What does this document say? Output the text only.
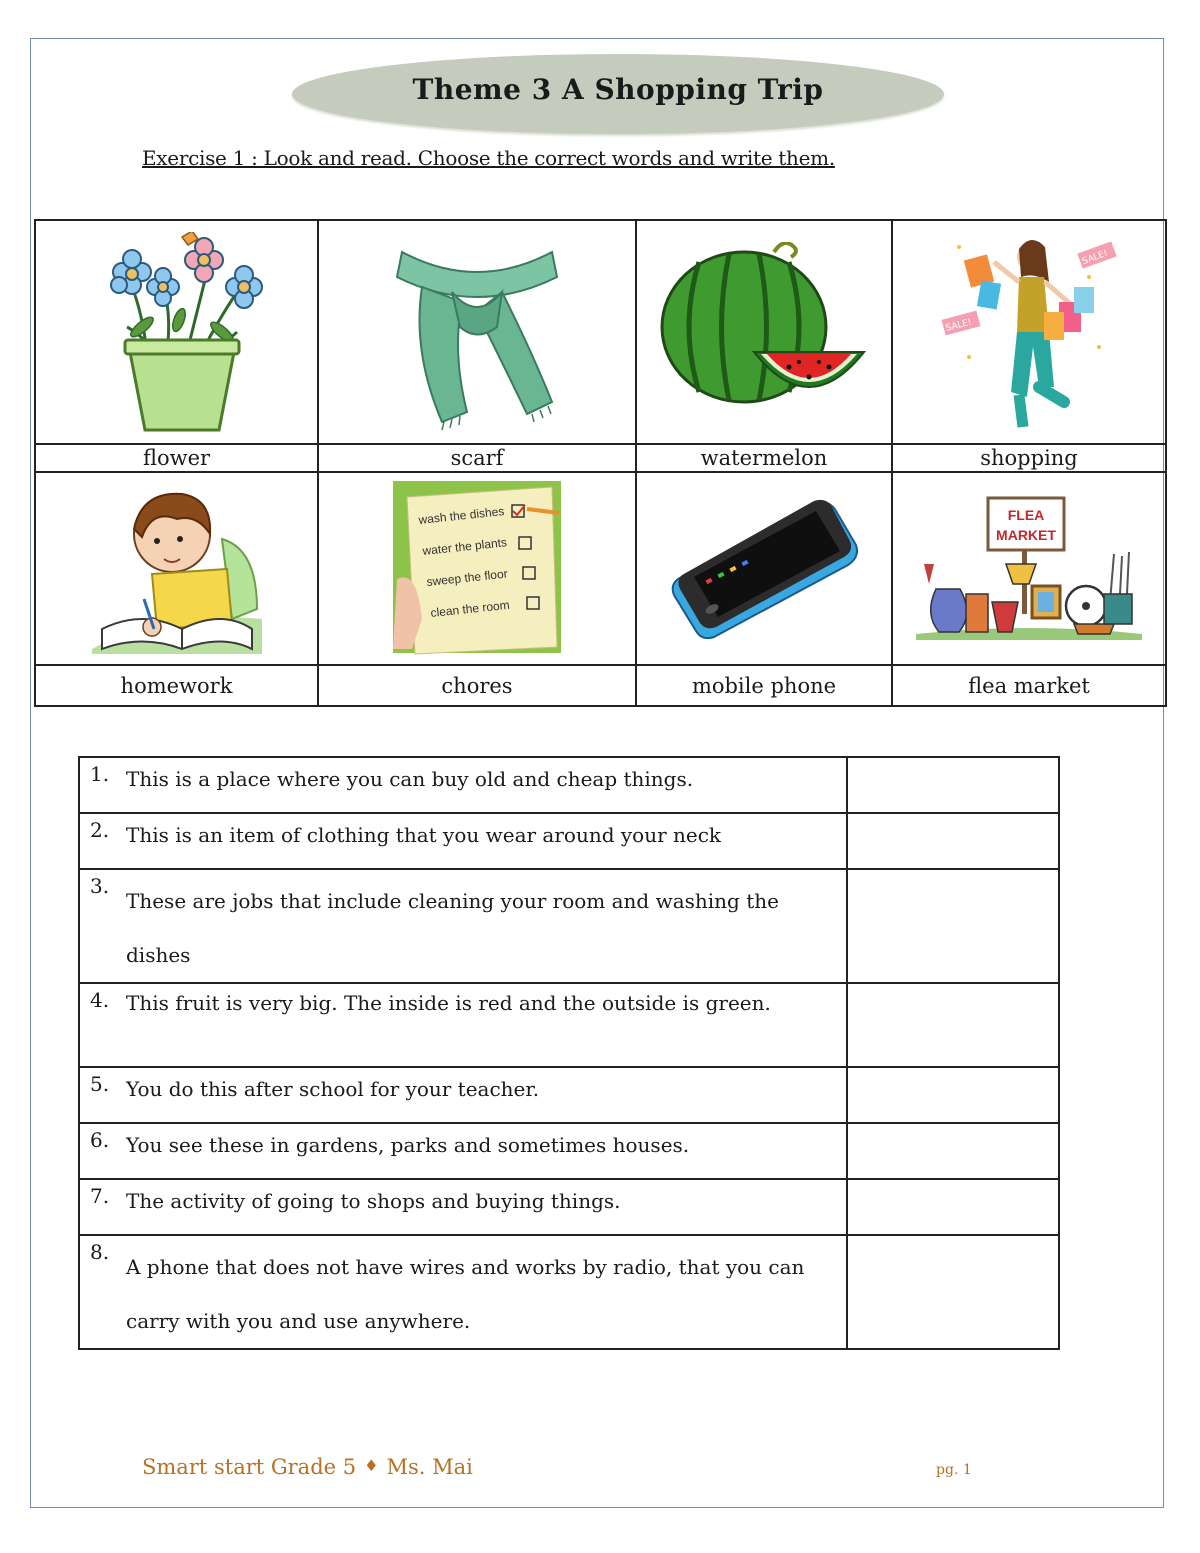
Theme 3 A Shopping Trip
Exercise 1 : Look and read. Choose the correct words and write them.

SALE!
SALE!

flower	scarf	watermelon	shopping

wash the dishes
water the plants
sweep the floor
clean the room		FLEA
MARKET

homework	chores	mobile phone	flea market
1. This is a place where you can buy old and cheap things.	

2. This is an item of clothing that you wear around your neck	

3.
These are jobs that include cleaning your room and washing the dishes	

4. This fruit is very big. The inside is red and the outside is green.	

5. You do this after school for your teacher.	

6. You see these in gardens, parks and sometimes houses.	

7. The activity of going to shops and buying things.	

8.
A phone that does not have wires and works by radio, that you can carry with you and use anywhere.	

Smart start Grade 5 ♦ Ms. Mai	pg. 1
